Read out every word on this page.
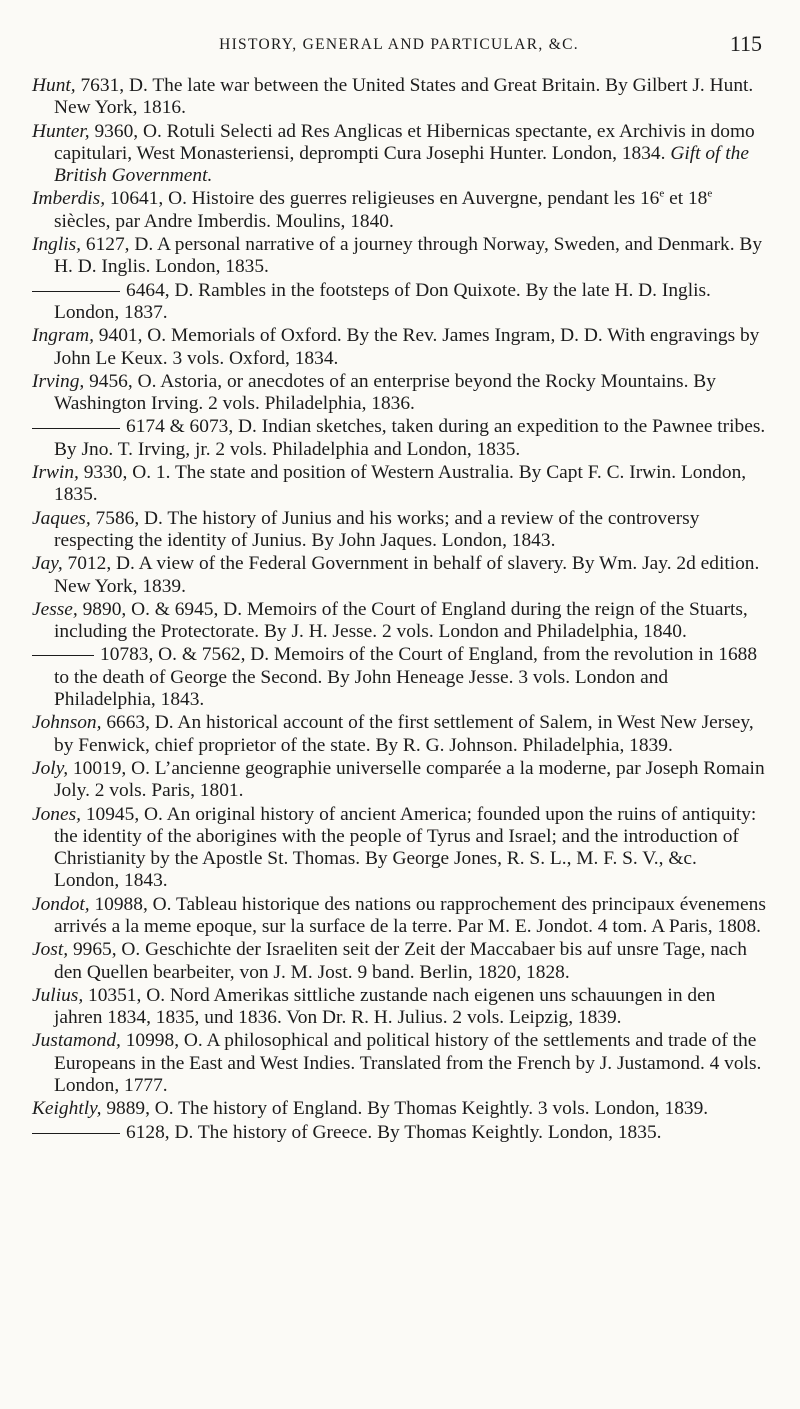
HISTORY, GENERAL AND PARTICULAR, &C.	115

Hunt, 7631, D. The late war between the United States and Great Britain. By Gilbert J. Hunt. New York, 1816.

Hunter, 9360, O. Rotuli Selecti ad Res Anglicas et Hibernicas spectante, ex Archivis in domo capitulari, West Monasteriensi, deprompti Cura Josephi Hunter. London, 1834. Gift of the British Government.

Imberdis, 10641, O. Histoire des guerres religieuses en Auvergne, pendant les 16e et 18e siècles, par Andre Imberdis. Moulins, 1840.

Inglis, 6127, D. A personal narrative of a journey through Norway, Sweden, and Denmark. By H. D. Inglis. London, 1835.

6464, D. Rambles in the footsteps of Don Quixote. By the late H. D. Inglis. London, 1837.

Ingram, 9401, O. Memorials of Oxford. By the Rev. James Ingram, D. D. With engravings by John Le Keux. 3 vols. Oxford, 1834.

Irving, 9456, O. Astoria, or anecdotes of an enterprise beyond the Rocky Mountains. By Washington Irving. 2 vols. Philadelphia, 1836.

6174 & 6073, D. Indian sketches, taken during an expedition to the Pawnee tribes. By Jno. T. Irving, jr. 2 vols. Philadelphia and London, 1835.

Irwin, 9330, O. 1. The state and position of Western Australia. By Capt F. C. Irwin. London, 1835.

Jaques, 7586, D. The history of Junius and his works; and a review of the controversy respecting the identity of Junius. By John Jaques. London, 1843.

Jay, 7012, D. A view of the Federal Government in behalf of slavery. By Wm. Jay. 2d edition. New York, 1839.

Jesse, 9890, O. & 6945, D. Memoirs of the Court of England during the reign of the Stuarts, including the Protectorate. By J. H. Jesse. 2 vols. London and Philadelphia, 1840.

10783, O. & 7562, D. Memoirs of the Court of England, from the revolution in 1688 to the death of George the Second. By John Heneage Jesse. 3 vols. London and Philadelphia, 1843.

Johnson, 6663, D. An historical account of the first settlement of Salem, in West New Jersey, by Fenwick, chief proprietor of the state. By R. G. Johnson. Philadelphia, 1839.

Joly, 10019, O. L’ancienne geographie universelle comparée a la moderne, par Joseph Romain Joly. 2 vols. Paris, 1801.

Jones, 10945, O. An original history of ancient America; founded upon the ruins of antiquity: the identity of the aborigines with the people of Tyrus and Israel; and the introduction of Christianity by the Apostle St. Thomas. By George Jones, R. S. L., M. F. S. V., &c. London, 1843.

Jondot, 10988, O. Tableau historique des nations ou rapprochement des principaux évenemens arrivés a la meme epoque, sur la surface de la terre. Par M. E. Jondot. 4 tom. A Paris, 1808.

Jost, 9965, O. Geschichte der Israeliten seit der Zeit der Maccabaer bis auf unsre Tage, nach den Quellen bearbeiter, von J. M. Jost. 9 band. Berlin, 1820, 1828.

Julius, 10351, O. Nord Amerikas sittliche zustande nach eigenen uns schauungen in den jahren 1834, 1835, und 1836. Von Dr. R. H. Julius. 2 vols. Leipzig, 1839.

Justamond, 10998, O. A philosophical and political history of the settlements and trade of the Europeans in the East and West Indies. Translated from the French by J. Justamond. 4 vols. London, 1777.

Keightly, 9889, O. The history of England. By Thomas Keightly. 3 vols. London, 1839.

6128, D. The history of Greece. By Thomas Keightly. London, 1835.
